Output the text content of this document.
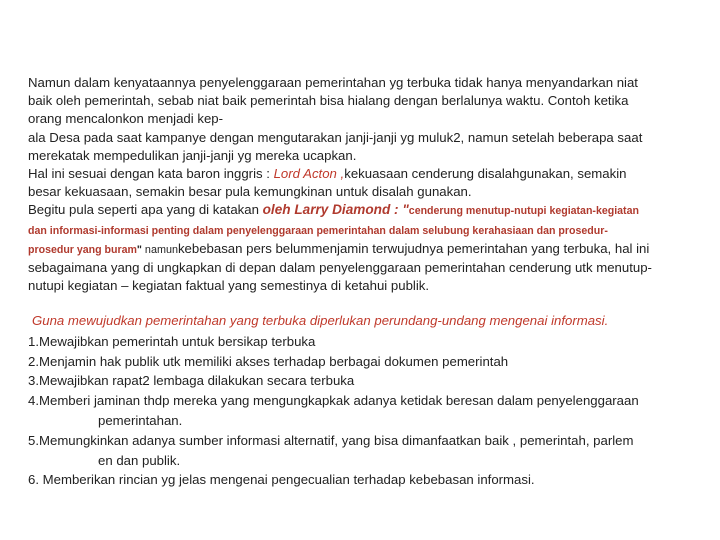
Namun dalam kenyataannya penyelenggaraan pemerintahan yg terbuka tidak hanya menyandarkan niat
baik oleh pemerintah, sebab niat baik pemerintah bisa hialang dengan berlalunya waktu. Contoh ketika
orang mencalonkon menjadi kep-
ala Desa pada saat kampanye dengan mengutarakan janji-janji yg muluk2, namun setelah beberapa saat
merekatak mempedulikan janji-janji yg mereka ucapkan.
Hal ini sesuai dengan kata baron inggris : Lord Acton ,kekuasaan cenderung disalahgunakan, semakin
besar kekuasaan, semakin besar pula kemungkinan untuk disalah gunakan.
Begitu pula seperti apa yang di katakan oleh Larry Diamond : "cenderung menutup-nutupi kegiatan-kegiatan
dan informasi-informasi penting dalam penyelenggaraan pemerintahan dalam selubung kerahasiaan dan prosedur-
prosedur yang buram" namunkebebasan pers belummenjamin terwujudnya pemerintahan yang terbuka, hal ini
sebagaimana yang di ungkapkan di depan dalam penyelenggaraan pemerintahan cenderung utk menutup-
nutupi kegiatan – kegiatan faktual yang semestinya di ketahui publik.
Guna mewujudkan pemerintahan yang terbuka diperlukan perundang-undang mengenai informasi.
1.Mewajibkan pemerintah untuk bersikap terbuka
2.Menjamin hak publik utk memiliki akses terhadap berbagai dokumen pemerintah
3.Mewajibkan rapat2 lembaga dilakukan secara terbuka
4.Memberi jaminan thdp mereka yang mengungkapkak adanya ketidak beresan dalam penyelenggaraan
pemerintahan.
5.Memungkinkan adanya sumber informasi alternatif, yang bisa dimanfaatkan baik , pemerintah, parlem
en dan publik.
6. Memberikan rincian yg jelas mengenai pengecualian terhadap kebebasan informasi.
